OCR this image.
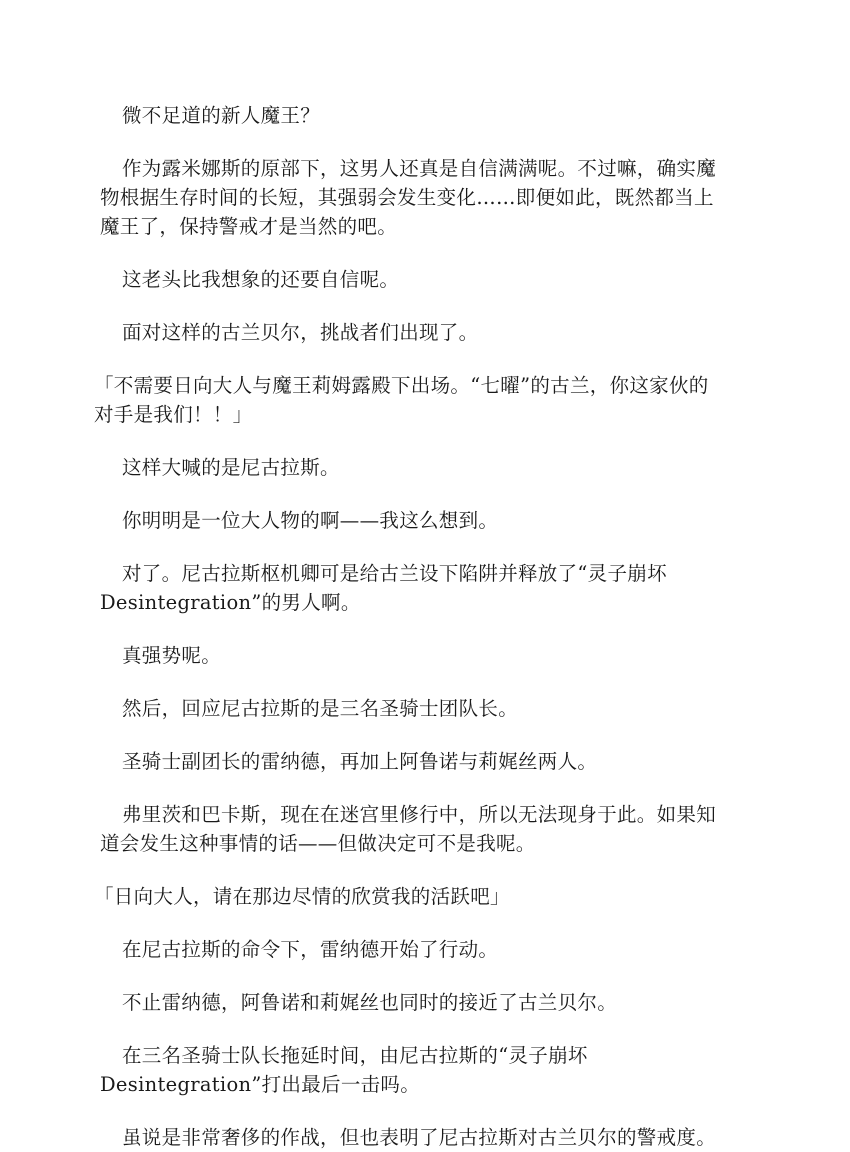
微不足道的新人魔王？

作为露米娜斯的原部下，这男人还真是自信满满呢。不过嘛，确实魔
物根据生存时间的长短，其强弱会发生变化……即便如此，既然都当上
魔王了，保持警戒才是当然的吧。

这老头比我想象的还要自信呢。

面对这样的古兰贝尔，挑战者们出现了。

「不需要日向大人与魔王莉姆露殿下出场。“七曜”的古兰，你这家伙的
对手是我们！！」

这样大喊的是尼古拉斯。

你明明是一位大人物的啊——我这么想到。

对了。尼古拉斯枢机卿可是给古兰设下陷阱并释放了“灵子崩坏
Desintegration”的男人啊。

真强势呢。

然后，回应尼古拉斯的是三名圣骑士团队长。

圣骑士副团长的雷纳德，再加上阿鲁诺与莉娓丝两人。

弗里茨和巴卡斯，现在在迷宫里修行中，所以无法现身于此。如果知
道会发生这种事情的话——但做决定可不是我呢。

「日向大人，请在那边尽情的欣赏我的活跃吧」

在尼古拉斯的命令下，雷纳德开始了行动。

不止雷纳德，阿鲁诺和莉娓丝也同时的接近了古兰贝尔。

在三名圣骑士队长拖延时间，由尼古拉斯的“灵子崩坏
Desintegration”打出最后一击吗。

虽说是非常奢侈的作战，但也表明了尼古拉斯对古兰贝尔的警戒度。
